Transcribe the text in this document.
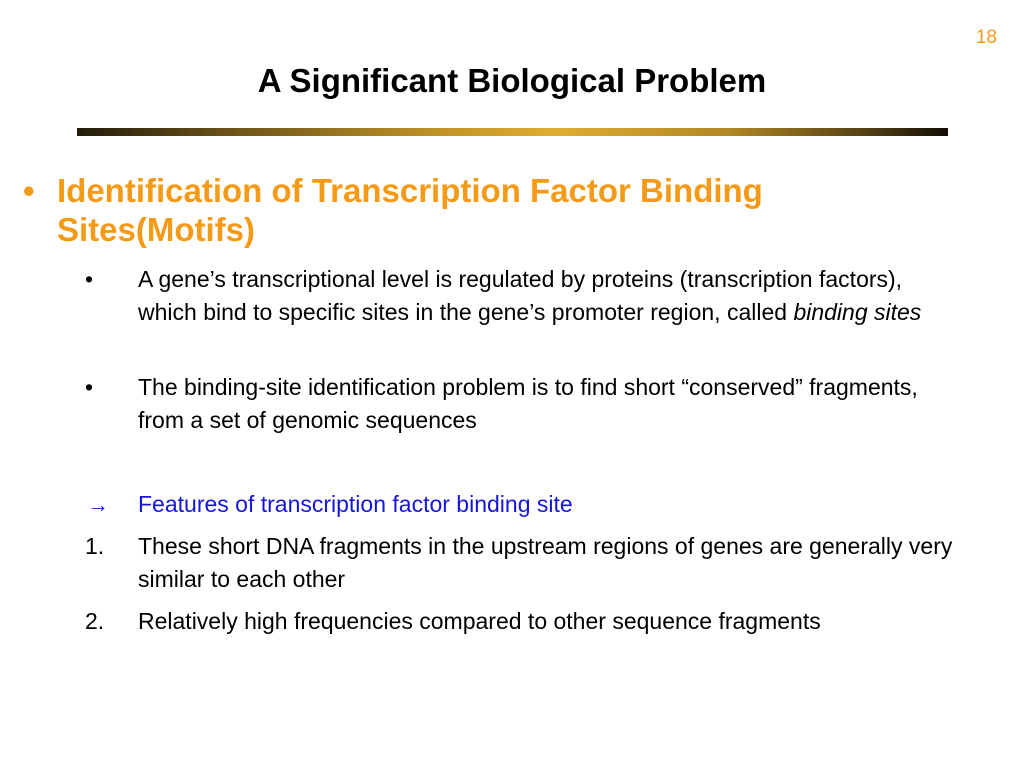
18
A Significant Biological Problem
• Identification of Transcription Factor Binding Sites(Motifs)
•	A gene’s transcriptional level is regulated by proteins (transcription factors), which bind to specific sites in the gene’s promoter region, called binding sites
•	The binding-site identification problem is to find short “conserved” fragments, from a set of genomic sequences
→	Features of transcription factor binding site
1.	These short DNA fragments in the upstream regions of genes are generally very similar to each other
2.	Relatively high frequencies compared to other sequence fragments
